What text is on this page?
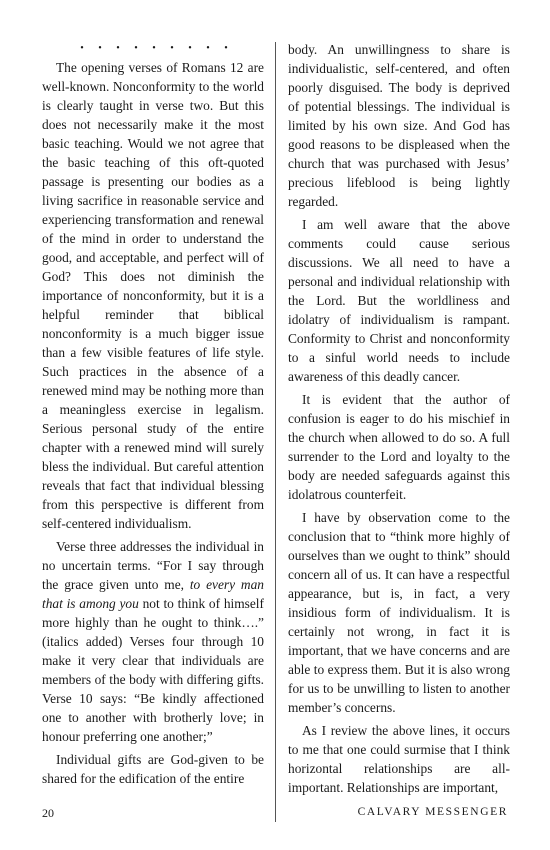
• • • • • • • • •

The opening verses of Romans 12 are well-known. Nonconformity to the world is clearly taught in verse two. But this does not necessarily make it the most basic teaching. Would we not agree that the basic teaching of this oft-quoted passage is presenting our bodies as a living sacrifice in reasonable service and experiencing transformation and renewal of the mind in order to understand the good, and acceptable, and perfect will of God? This does not diminish the importance of nonconformity, but it is a helpful reminder that biblical nonconformity is a much bigger issue than a few visible features of life style. Such practices in the absence of a renewed mind may be nothing more than a meaningless exercise in legalism. Serious personal study of the entire chapter with a renewed mind will surely bless the individual. But careful attention reveals that fact that individual blessing from this perspective is different from self-centered individualism.

Verse three addresses the individual in no uncertain terms. “For I say through the grace given unto me, to every man that is among you not to think of himself more highly than he ought to think….” (italics added) Verses four through 10 make it very clear that individuals are members of the body with differing gifts. Verse 10 says: “Be kindly affectioned one to another with brotherly love; in honour preferring one another;”

Individual gifts are God-given to be shared for the edification of the entire

body. An unwillingness to share is individualistic, self-centered, and often poorly disguised. The body is deprived of potential blessings. The individual is limited by his own size. And God has good reasons to be displeased when the church that was purchased with Jesus’ precious lifeblood is being lightly regarded.

I am well aware that the above comments could cause serious discussions. We all need to have a personal and individual relationship with the Lord. But the worldliness and idolatry of individualism is rampant. Conformity to Christ and nonconformity to a sinful world needs to include awareness of this deadly cancer.

It is evident that the author of confusion is eager to do his mischief in the church when allowed to do so. A full surrender to the Lord and loyalty to the body are needed safeguards against this idolatrous counterfeit.

I have by observation come to the conclusion that to “think more highly of ourselves than we ought to think” should concern all of us. It can have a respectful appearance, but is, in fact, a very insidious form of individualism. It is certainly not wrong, in fact it is important, that we have concerns and are able to express them. But it is also wrong for us to be unwilling to listen to another member’s concerns.

As I review the above lines, it occurs to me that one could surmise that I think horizontal relationships are all-important. Relationships are important,

20	CALVARY MESSENGER
